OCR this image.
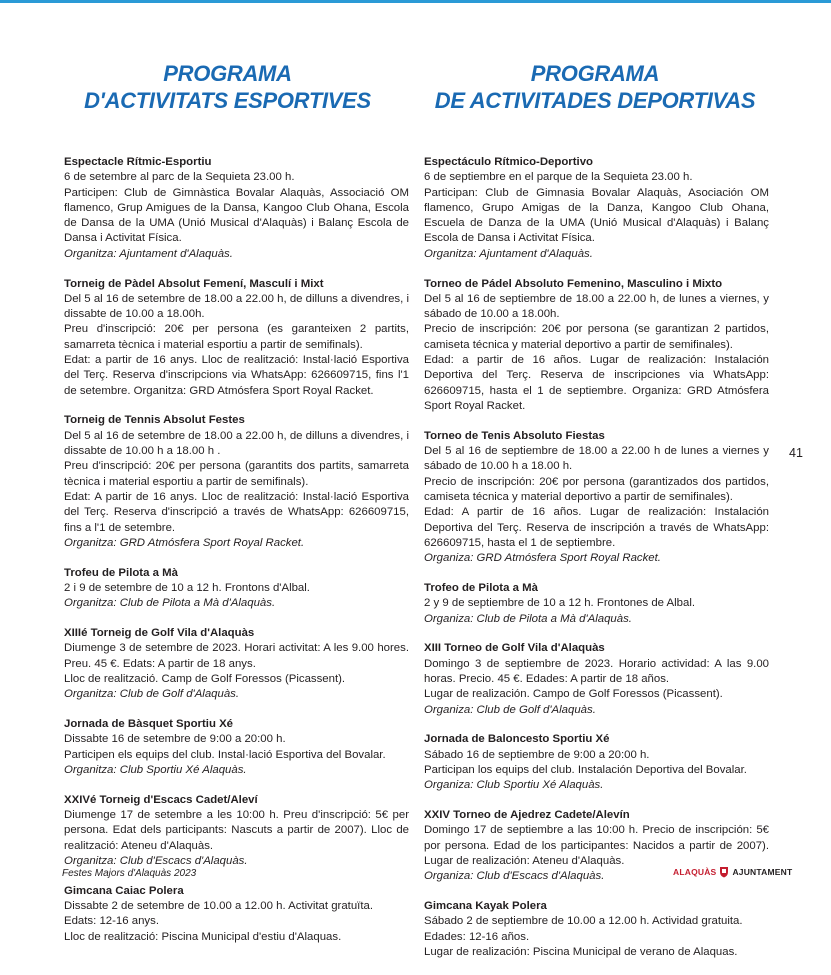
PROGRAMA
D'ACTIVITATS ESPORTIVES
PROGRAMA
DE ACTIVITADES DEPORTIVAS
Espectacle Rítmic-Esportiu
6 de setembre al parc de la Sequieta 23.00 h.
Participen: Club de Gimnàstica Bovalar Alaquàs, Associació OM flamenco, Grup Amigues de la Dansa, Kangoo Club Ohana, Escola de Dansa de la UMA (Unió Musical d'Alaquàs) i Balanç Escola de Dansa i Activitat Física.
Organitza: Ajuntament d'Alaquàs.
Torneig de Pàdel Absolut Femení, Masculí i Mixt
Del 5 al 16 de setembre de 18.00 a 22.00 h, de dilluns a divendres, i dissabte de 10.00 a 18.00h.
Preu d'inscripció: 20€ per persona (es garanteixen 2 partits, samarreta tècnica i material esportiu a partir de semifinals).
Edat: a partir de 16 anys. Lloc de realització: Instal·lació Esportiva del Terç. Reserva d'inscripcions via WhatsApp: 626609715, fins l'1 de setembre. Organitza: GRD Atmósfera Sport Royal Racket.
Torneig de Tennis Absolut Festes
Del 5 al 16 de setembre de 18.00 a 22.00 h, de dilluns a divendres, i dissabte de 10.00 h a 18.00 h .
Preu d'inscripció: 20€ per persona (garantits dos partits, samarreta tècnica i material esportiu a partir de semifinals).
Edat: A partir de 16 anys. Lloc de realització: Instal·lació Esportiva del Terç. Reserva d'inscripció a través de WhatsApp: 626609715, fins a l'1 de setembre.
Organitza: GRD Atmósfera Sport Royal Racket.
Trofeu de Pilota a Mà
2 i 9 de setembre de 10 a 12 h. Frontons d'Albal.
Organitza: Club de Pilota a Mà d'Alaquàs.
XIIIé Torneig de Golf Vila d'Alaquàs
Diumenge 3 de setembre de 2023. Horari activitat: A les 9.00 hores. Preu. 45 €. Edats: A partir de 18 anys.
Lloc de realització. Camp de Golf Foressos (Picassent).
Organitza: Club de Golf d'Alaquàs.
Jornada de Bàsquet Sportiu Xé
Dissabte 16 de setembre de 9:00 a 20:00 h.
Participen els equips del club. Instal·lació Esportiva del Bovalar.
Organitza: Club Sportiu Xé Alaquàs.
XXIVé Torneig d'Escacs Cadet/Aleví
Diumenge 17 de setembre a les 10:00 h. Preu d'inscripció: 5€ per persona. Edat dels participants: Nascuts a partir de 2007). Lloc de realització: Ateneu d'Alaquàs.
Organitza: Club d'Escacs d'Alaquàs.
Gimcana Caiac Polera
Dissabte 2 de setembre de 10.00 a 12.00 h. Activitat gratuïta.
Edats: 12-16 anys.
Lloc de realització: Piscina Municipal d'estiu d'Alaquas.
Espectáculo Rítmico-Deportivo
6 de septiembre en el parque de la Sequieta 23.00 h.
Participan: Club de Gimnasia Bovalar Alaquàs, Asociación OM flamenco, Grupo Amigas de la Danza, Kangoo Club Ohana, Escuela de Danza de la UMA (Unió Musical d'Alaquàs) i Balanç Escola de Dansa i Activitat Física.
Organitza: Ajuntament d'Alaquàs.
Torneo de Pádel Absoluto Femenino, Masculino i Mixto
Del 5 al 16 de septiembre de 18.00 a 22.00 h, de lunes a viernes, y sábado de 10.00 a 18.00h.
Precio de inscripción: 20€ por persona (se garantizan 2 partidos, camiseta técnica y material deportivo a partir de semifinales).
Edad: a partir de 16 años. Lugar de realización: Instalación Deportiva del Terç. Reserva de inscripciones via WhatsApp: 626609715, hasta el 1 de septiembre. Organiza: GRD Atmósfera Sport Royal Racket.
Torneo de Tenis Absoluto Fiestas
Del 5 al 16 de septiembre de 18.00 a 22.00 h de lunes a viernes y sábado de 10.00 h a 18.00 h.
Precio de inscripción: 20€ por persona (garantizados dos partidos, camiseta técnica y material deportivo a partir de semifinales).
Edad: A partir de 16 años. Lugar de realización: Instalación Deportiva del Terç. Reserva de inscripción a través de WhatsApp: 626609715, hasta el 1 de septiembre.
Organiza: GRD Atmósfera Sport Royal Racket.
Trofeo de Pilota a Mà
2 y 9 de septiembre de 10 a 12 h. Frontones de Albal.
Organiza: Club de Pilota a Mà d'Alaquàs.
XIII Torneo de Golf Vila d'Alaquàs
Domingo 3 de septiembre de 2023. Horario actividad: A las 9.00 horas. Precio. 45 €. Edades: A partir de 18 años.
Lugar de realización. Campo de Golf Foressos (Picassent).
Organiza: Club de Golf d'Alaquàs.
Jornada de Baloncesto Sportiu Xé
Sábado 16 de septiembre de 9:00 a 20:00 h.
Participan los equips del club. Instalación Deportiva del Bovalar.
Organiza: Club Sportiu Xé Alaquàs.
XXIV Torneo de Ajedrez Cadete/Alevín
Domingo 17 de septiembre a las 10:00 h. Precio de inscripción: 5€ por persona. Edad de los participantes: Nacidos a partir de 2007). Lugar de realización: Ateneu d'Alaquàs.
Organiza: Club d'Escacs d'Alaquàs.
Gimcana Kayak Polera
Sábado 2 de septiembre de 10.00 a 12.00 h. Actividad gratuita.
Edades: 12-16 años.
Lugar de realización: Piscina Municipal de verano de Alaquas.
41
Festes Majors d'Alaquàs 2023	ALAQUÀS AJUNTAMENT
